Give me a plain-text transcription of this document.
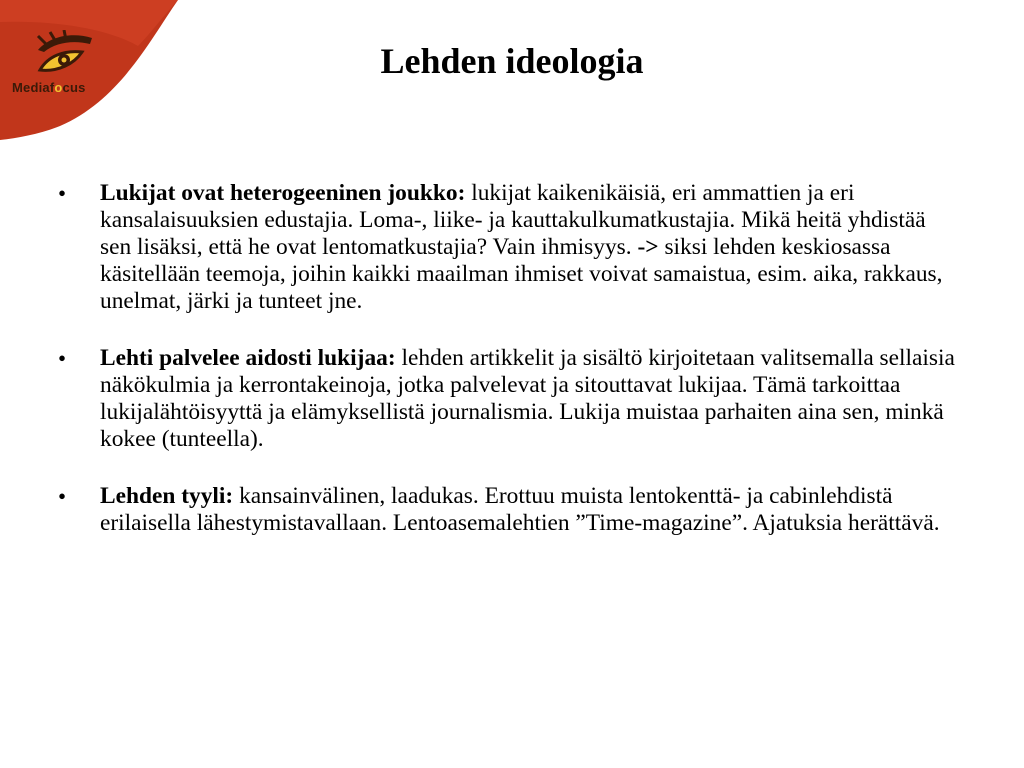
Mediafocus
Lehden ideologia
•	Lukijat ovat heterogeeninen joukko: lukijat kaikenikäisiä, eri ammattien ja eri kansalaisuuksien edustajia. Loma-, liike- ja kauttakulkumatkustajia. Mikä heitä yhdistää sen lisäksi, että he ovat lentomatkustajia? Vain ihmisyys. -> siksi lehden keskiosassa käsitellään teemoja, joihin kaikki maailman ihmiset voivat samaistua, esim. aika, rakkaus, unelmat, järki ja tunteet jne.
•	Lehti palvelee aidosti lukijaa: lehden artikkelit ja sisältö kirjoitetaan valitsemalla sellaisia näkökulmia ja kerrontakeinoja, jotka palvelevat ja sitouttavat lukijaa. Tämä tarkoittaa lukijalähtöisyyttä ja elämyksellistä journalismia. Lukija muistaa parhaiten aina sen, minkä kokee (tunteella).
•	Lehden tyyli: kansainvälinen, laadukas. Erottuu muista lentokenttä- ja cabinlehdistä erilaisella lähestymistavallaan. Lentoasemalehtien ”Time-magazine”. Ajatuksia herättävä.
